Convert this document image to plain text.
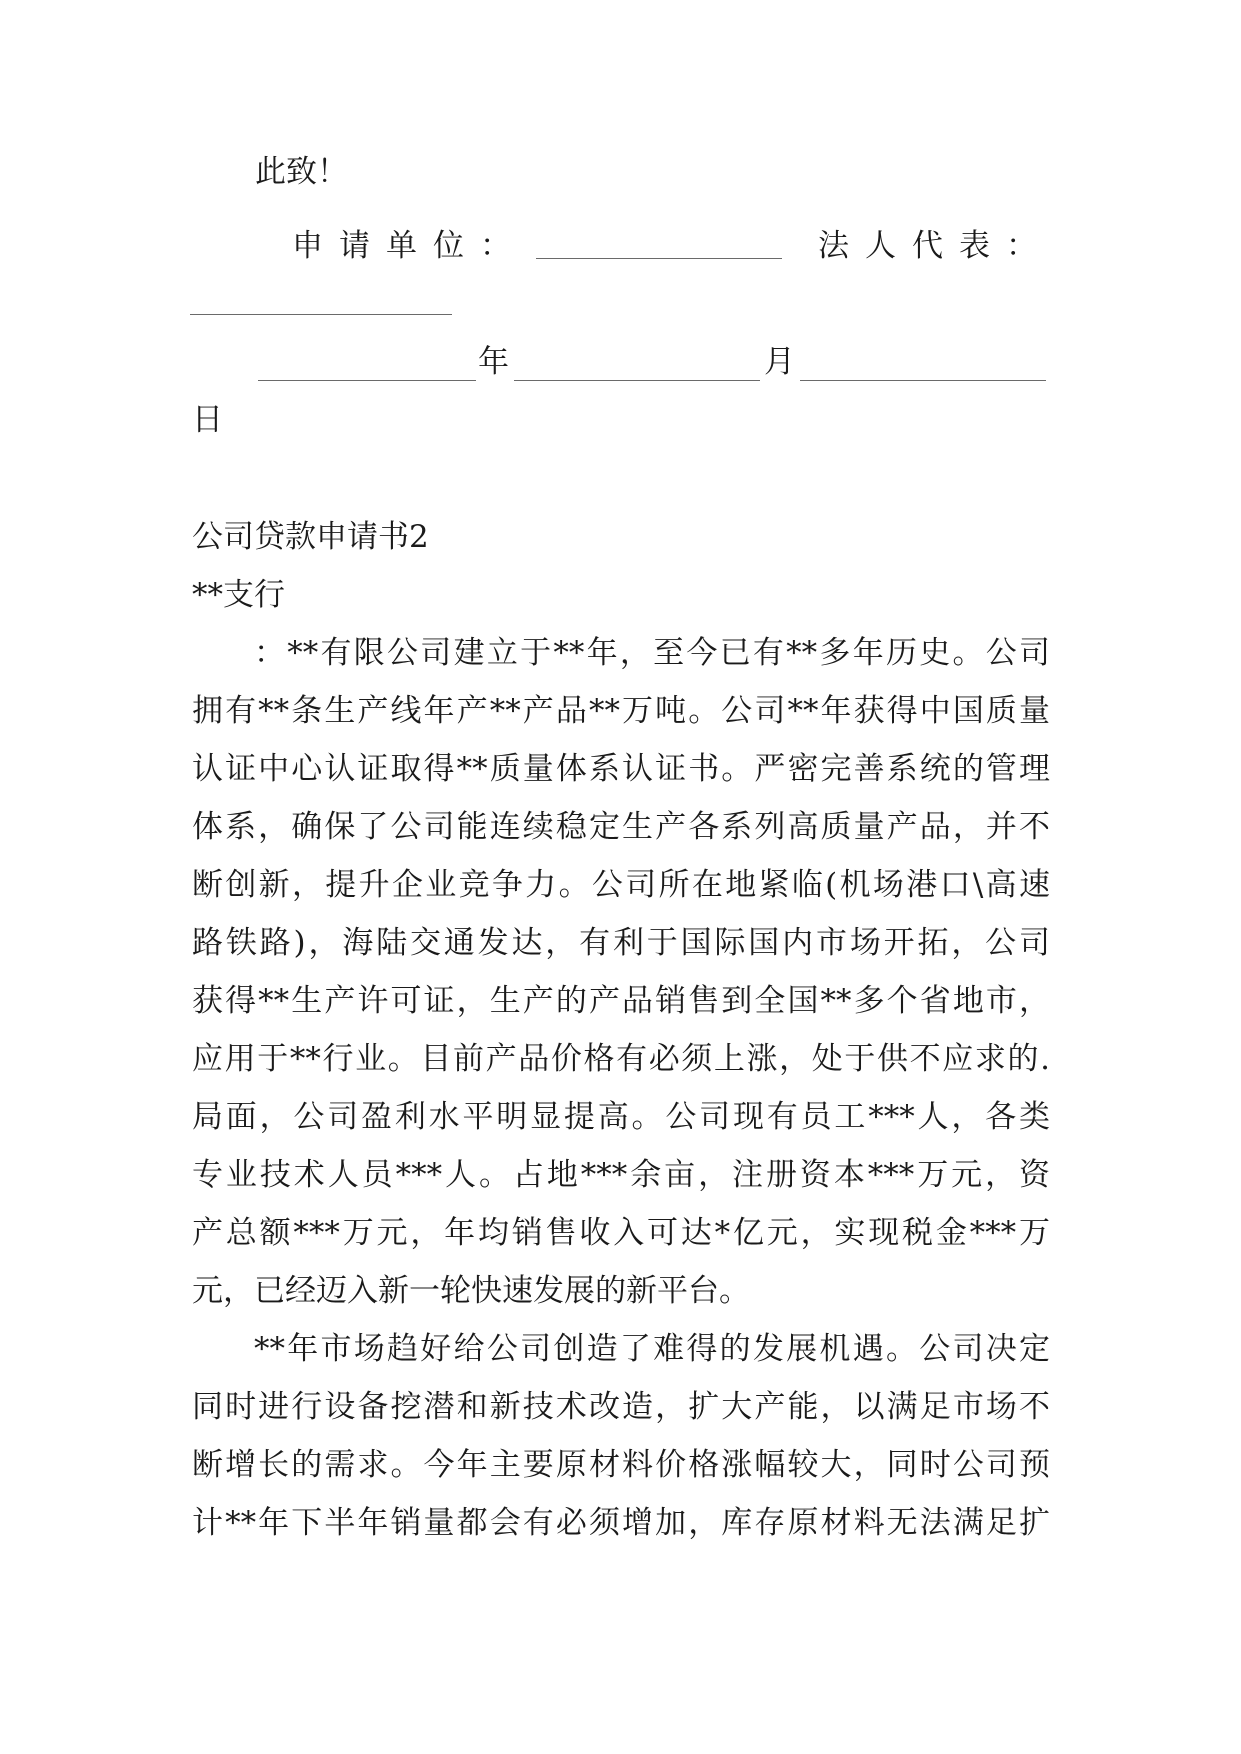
此致！
申请单位：	法人代表：
年	月
日
公司贷款申请书2
**支行
：**有限公司建立于**年，至今已有**多年历史。公司
拥有**条生产线年产**产品**万吨。公司**年获得中国质量
认证中心认证取得**质量体系认证书。严密完善系统的管理
体系，确保了公司能连续稳定生产各系列高质量产品，并不
断创新，提升企业竞争力。公司所在地紧临(机场港口\高速
路铁路)，海陆交通发达，有利于国际国内市场开拓，公司
获得**生产许可证，生产的产品销售到全国**多个省地市，
应用于**行业。目前产品价格有必须上涨，处于供不应求的.
局面，公司盈利水平明显提高。公司现有员工***人，各类
专业技术人员***人。占地***余亩，注册资本***万元，资
产总额***万元，年均销售收入可达*亿元，实现税金***万
元，已经迈入新一轮快速发展的新平台。
**年市场趋好给公司创造了难得的发展机遇。公司决定
同时进行设备挖潜和新技术改造，扩大产能，以满足市场不
断增长的需求。今年主要原材料价格涨幅较大，同时公司预
计**年下半年销量都会有必须增加，库存原材料无法满足扩
